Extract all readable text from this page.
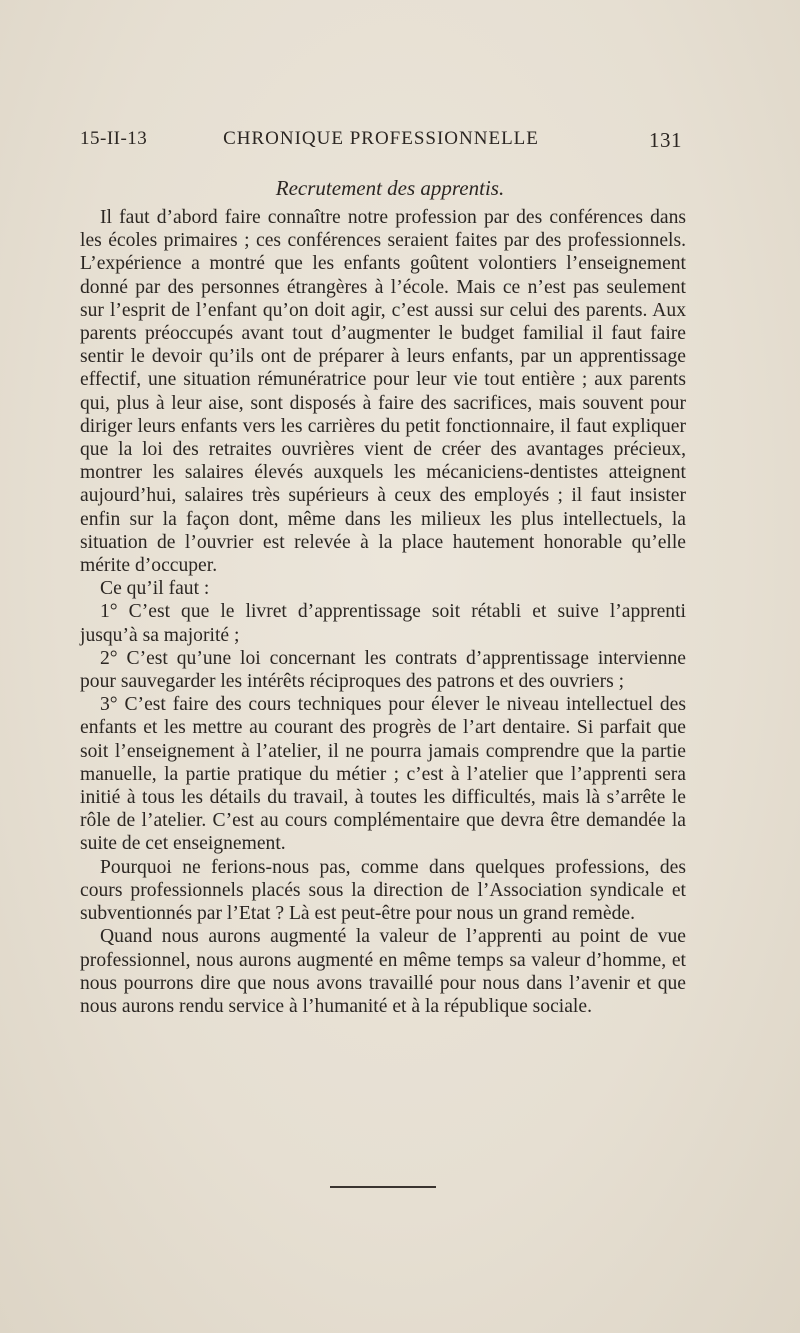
15-II-13	CHRONIQUE PROFESSIONNELLE	131
Recrutement des apprentis.

Il faut d’abord faire connaître notre profession par des conférences dans les écoles primaires ; ces conférences seraient faites par des professionnels. L’expérience a montré que les enfants goûtent volontiers l’enseignement donné par des personnes étrangères à l’école. Mais ce n’est pas seulement sur l’esprit de l’enfant qu’on doit agir, c’est aussi sur celui des parents. Aux parents préoccupés avant tout d’augmenter le budget familial il faut faire sentir le devoir qu’ils ont de préparer à leurs enfants, par un apprentissage effectif, une situation rémunératrice pour leur vie tout entière ; aux parents qui, plus à leur aise, sont disposés à faire des sacrifices, mais souvent pour diriger leurs enfants vers les carrières du petit fonctionnaire, il faut expliquer que la loi des retraites ouvrières vient de créer des avantages précieux, montrer les salaires élevés auxquels les mécaniciens-dentistes atteignent aujourd’hui, salaires très supérieurs à ceux des employés ; il faut insister enfin sur la façon dont, même dans les milieux les plus intellectuels, la situation de l’ouvrier est relevée à la place hautement honorable qu’elle mérite d’occuper.

Ce qu’il faut :

1° C’est que le livret d’apprentissage soit rétabli et suive l’apprenti jusqu’à sa majorité ;

2° C’est qu’une loi concernant les contrats d’apprentissage intervienne pour sauvegarder les intérêts réciproques des patrons et des ouvriers ;

3° C’est faire des cours techniques pour élever le niveau intellectuel des enfants et les mettre au courant des progrès de l’art dentaire. Si parfait que soit l’enseignement à l’atelier, il ne pourra jamais comprendre que la partie manuelle, la partie pratique du métier ; c’est à l’atelier que l’apprenti sera initié à tous les détails du travail, à toutes les difficultés, mais là s’arrête le rôle de l’atelier. C’est au cours complémentaire que devra être demandée la suite de cet enseignement.

Pourquoi ne ferions-nous pas, comme dans quelques professions, des cours professionnels placés sous la direction de l’Association syndicale et subventionnés par l’Etat ? Là est peut-être pour nous un grand remède.

Quand nous aurons augmenté la valeur de l’apprenti au point de vue professionnel, nous aurons augmenté en même temps sa valeur d’homme, et nous pourrons dire que nous avons travaillé pour nous dans l’avenir et que nous aurons rendu service à l’humanité et à la république sociale.
